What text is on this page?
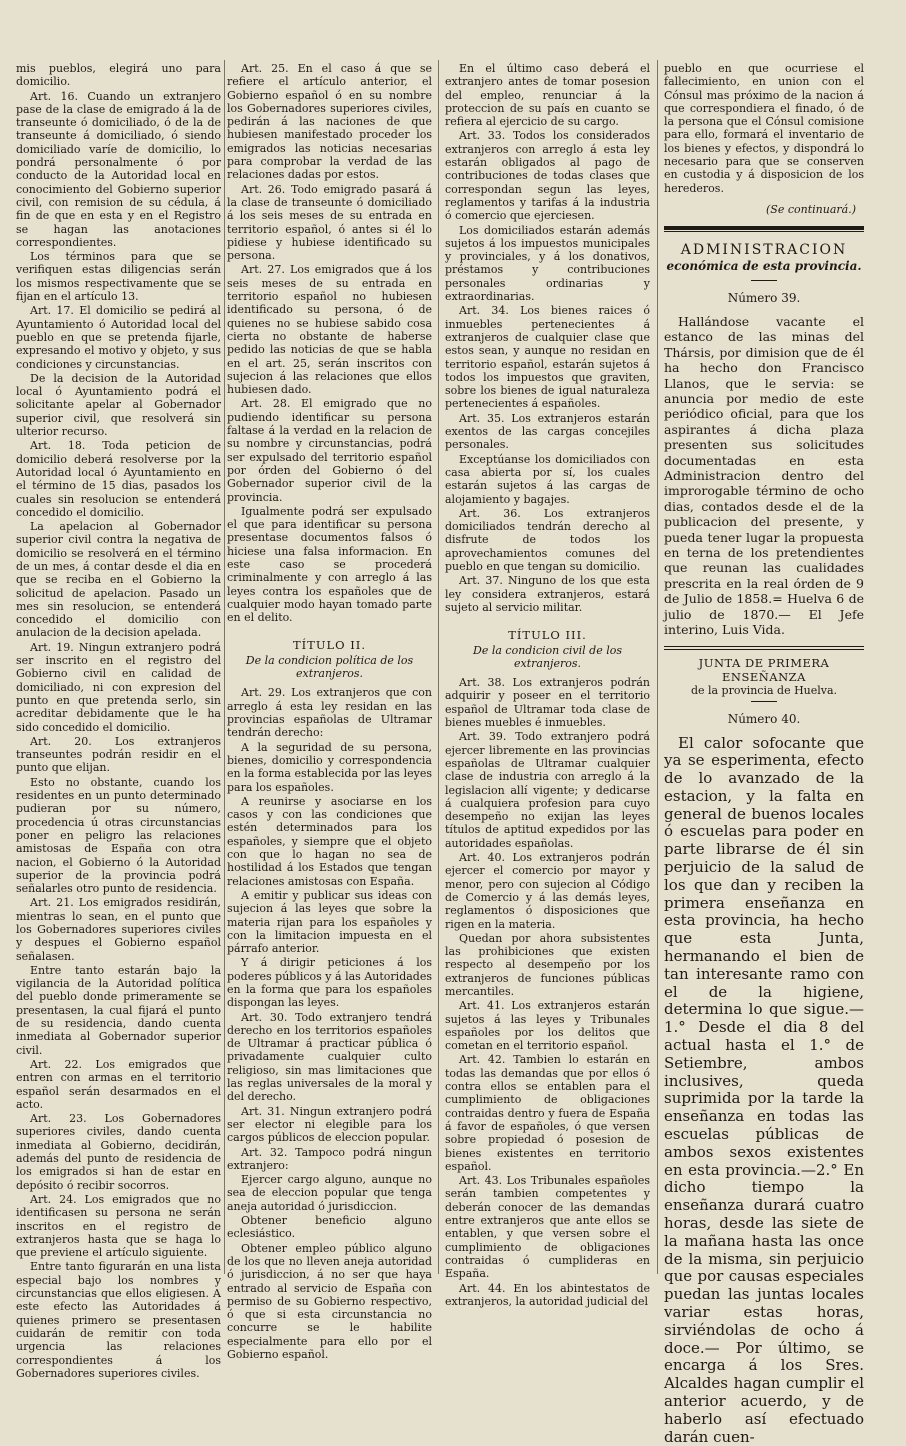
mis pueblos, elegirá uno para domicilio.

Art. 16. Cuando un extranjero pase de la clase de emigrado á la de transeunte ó domiciliado, ó de la de transeunte á domiciliado, ó siendo domiciliado varíe de domicilio, lo pondrá personalmente ó por conducto de la Autoridad local en conocimiento del Gobierno superior civil, con remision de su cédula, á fin de que en esta y en el Registro se hagan las anotaciones correspondientes.

Los términos para que se verifiquen estas diligencias serán los mismos respectivamente que se fijan en el artículo 13.

Art. 17. El domicilio se pedirá al Ayuntamiento ó Autoridad local del pueblo en que se pretenda fijarle, expresando el motivo y objeto, y sus condiciones y circunstancias.

De la decision de la Autoridad local ó Ayuntamiento podrá el solicitante apelar al Gobernador superior civil, que resolverá sin ulterior recurso.

Art. 18. Toda peticion de domicilio deberá resolverse por la Autoridad local ó Ayuntamiento en el término de 15 dias, pasados los cuales sin resolucion se entenderá concedido el domicilio.

La apelacion al Gobernador superior civil contra la negativa de domicilio se resolverá en el término de un mes, á contar desde el dia en que se reciba en el Gobierno la solicitud de apelacion. Pasado un mes sin resolucion, se entenderá concedido el domicilio con anulacion de la decision apelada.

Art. 19. Ningun extranjero podrá ser inscrito en el registro del Gobierno civil en calidad de domiciliado, ni con expresion del punto en que pretenda serlo, sin acreditar debidamente que le ha sido concedido el domicilio.

Art. 20. Los extranjeros transeuntes podrán residir en el punto que elijan.

Esto no obstante, cuando los residentes en un punto determinado pudieran por su número, procedencia ú otras circunstancias poner en peligro las relaciones amistosas de España con otra nacion, el Gobierno ó la Autoridad superior de la provincia podrá señalarles otro punto de residencia.

Art. 21. Los emigrados residirán, mientras lo sean, en el punto que los Gobernadores superiores civiles y despues el Gobierno español señalasen.

Entre tanto estarán bajo la vigilancia de la Autoridad política del pueblo donde primeramente se presentasen, la cual fijará el punto de su residencia, dando cuenta inmediata al Gobernador superior civil.

Art. 22. Los emigrados que entren con armas en el territorio español serán desarmados en el acto.

Art. 23. Los Gobernadores superiores civiles, dando cuenta inmediata al Gobierno, decidirán, además del punto de residencia de los emigrados si han de estar en depósito ó recibir socorros.

Art. 24. Los emigrados que no identificasen su persona ne serán inscritos en el registro de extranjeros hasta que se haga lo que previene el artículo siguiente.

Entre tanto figurarán en una lista especial bajo los nombres y circunstancias que ellos eligiesen. A este efecto las Autoridades á quienes primero se presentasen cuidarán de remitir con toda urgencia las relaciones correspondientes á los Gobernadores superiores civiles.

Art. 25. En el caso á que se refiere el artículo anterior, el Gobierno español ó en su nombre los Gobernadores superiores civiles, pedirán á las naciones de que hubiesen manifestado proceder los emigrados las noticias necesarias para comprobar la verdad de las relaciones dadas por estos.

Art. 26. Todo emigrado pasará á la clase de transeunte ó domiciliado á los seis meses de su entrada en territorio español, ó antes si él lo pidiese y hubiese identificado su persona.

Art. 27. Los emigrados que á los seis meses de su entrada en territorio español no hubiesen identificado su persona, ó de quienes no se hubiese sabido cosa cierta no obstante de haberse pedido las noticias de que se habla en el art. 25, serán inscritos con sujecion á las relaciones que ellos hubiesen dado.

Art. 28. El emigrado que no pudiendo identificar su persona faltase á la verdad en la relacion de su nombre y circunstancias, podrá ser expulsado del territorio español por órden del Gobierno ó del Gobernador superior civil de la provincia.

Igualmente podrá ser expulsado el que para identificar su persona presentase documentos falsos ó hiciese una falsa informacion. En este caso se procederá criminalmente y con arreglo á las leyes contra los españoles que de cualquier modo hayan tomado parte en el delito.

TÍTULO II.
De la condicion política de los extranjeros.

Art. 29. Los extranjeros que con arreglo á esta ley residan en las provincias españolas de Ultramar tendrán derecho:

A la seguridad de su persona, bienes, domicilio y correspondencia en la forma establecida por las leyes para los españoles.

A reunirse y asociarse en los casos y con las condiciones que estén determinados para los españoles, y siempre que el objeto con que lo hagan no sea de hostilidad á los Estados que tengan relaciones amistosas con España.

A emitir y publicar sus ideas con sujecion á las leyes que sobre la materia rijan para los españoles y con la limitacion impuesta en el párrafo anterior.

Y á dirigir peticiones á los poderes públicos y á las Autoridades en la forma que para los españoles dispongan las leyes.

Art. 30. Todo extranjero tendrá derecho en los territorios españoles de Ultramar á practicar pública ó privadamente cualquier culto religioso, sin mas limitaciones que las reglas universales de la moral y del derecho.

Art. 31. Ningun extranjero podrá ser elector ni elegible para los cargos públicos de eleccion popular.

Art. 32. Tampoco podrá ningun extranjero:

Ejercer cargo alguno, aunque no sea de eleccion popular que tenga aneja autoridad ó jurisdiccion.

Obtener beneficio alguno eclesiástico.

Obtener empleo público alguno de los que no lleven aneja autoridad ó jurisdiccion, á no ser que haya entrado al servicio de España con permiso de su Gobierno respectivo, ó que si esta circunstancia no concurre se le habilite especialmente para ello por el Gobierno español.

En el último caso deberá el extranjero antes de tomar posesion del empleo, renunciar á la proteccion de su país en cuanto se refiera al ejercicio de su cargo.

Art. 33. Todos los considerados extranjeros con arreglo á esta ley estarán obligados al pago de contribuciones de todas clases que correspondan segun las leyes, reglamentos y tarifas á la industria ó comercio que ejerciesen.

Los domiciliados estarán además sujetos á los impuestos municipales y provinciales, y á los donativos, préstamos y contribuciones personales ordinarias y extraordinarias.

Art. 34. Los bienes raices ó inmuebles pertenecientes á extranjeros de cualquier clase que estos sean, y aunque no residan en territorio español, estarán sujetos á todos los impuestos que graviten, sobre los bienes de igual naturaleza pertenecientes á españoles.

Art. 35. Los extranjeros estarán exentos de las cargas concejiles personales.

Exceptúanse los domiciliados con casa abierta por sí, los cuales estarán sujetos á las cargas de alojamiento y bagajes.

Art. 36. Los extranjeros domiciliados tendrán derecho al disfrute de todos los aprovechamientos comunes del pueblo en que tengan su domicilio.

Art. 37. Ninguno de los que esta ley considera extranjeros, estará sujeto al servicio militar.

TÍTULO III.
De la condicion civil de los extranjeros.

Art. 38. Los extranjeros podrán adquirir y poseer en el territorio español de Ultramar toda clase de bienes muebles é inmuebles.

Art. 39. Todo extranjero podrá ejercer libremente en las provincias españolas de Ultramar cualquier clase de industria con arreglo á la legislacion allí vigente; y dedicarse á cualquiera profesion para cuyo desempeño no exijan las leyes títulos de aptitud expedidos por las autoridades españolas.

Art. 40. Los extranjeros podrán ejercer el comercio por mayor y menor, pero con sujecion al Código de Comercio y á las demás leyes, reglamentos ó disposiciones que rigen en la materia.

Quedan por ahora subsistentes las prohibiciones que existen respecto al desempeño por los extranjeros de funciones públicas mercantiles.

Art. 41. Los extranjeros estarán sujetos á las leyes y Tribunales españoles por los delitos que cometan en el territorio español.

Art. 42. Tambien lo estarán en todas las demandas que por ellos ó contra ellos se entablen para el cumplimiento de obligaciones contraidas dentro y fuera de España á favor de españoles, ó que versen sobre propiedad ó posesion de bienes existentes en territorio español.

Art. 43. Los Tribunales españoles serán tambien competentes y deberán conocer de las demandas entre extranjeros que ante ellos se entablen, y que versen sobre el cumplimiento de obligaciones contraidas ó cumplideras en España.

Art. 44. En los abintestatos de extranjeros, la autoridad judicial del

pueblo en que ocurriese el fallecimiento, en union con el Cónsul mas próximo de la nacion á que correspondiera el finado, ó de la persona que el Cónsul comisione para ello, formará el inventario de los bienes y efectos, y dispondrá lo necesario para que se conserven en custodia y á disposicion de los herederos.

(Se continuará.)
ADMINISTRACION
económica de esta provincia.
Número 39.

Hallándose vacante el estanco de las minas del Thársis, por dimision que de él ha hecho don Francisco Llanos, que le servia: se anuncia por medio de este periódico oficial, para que los aspirantes á dicha plaza presenten sus solicitudes documentadas en esta Administracion dentro del improrogable término de ocho dias, contados desde el de la publicacion del presente, y pueda tener lugar la propuesta en terna de los pretendientes que reunan las cualidades prescrita en la real órden de 9 de Julio de 1858.= Huelva 6 de julio de 1870.— El Jefe interino, Luis Vida.

JUNTA DE PRIMERA ENSEÑANZA
de la provincia de Huelva.
Número 40.

El calor sofocante que ya se esperimenta, efecto de lo avanzado de la estacion, y la falta en general de buenos locales ó escuelas para poder en parte librarse de él sin perjuicio de la salud de los que dan y reciben la primera enseñanza en esta provincia, ha hecho que esta Junta, hermanando el bien de tan interesante ramo con el de la higiene, determina lo que sigue.—1.° Desde el dia 8 del actual hasta el 1.° de Setiembre, ambos inclusives, queda suprimida por la tarde la enseñanza en todas las escuelas públicas de ambos sexos existentes en esta provincia.—2.° En dicho tiempo la enseñanza durará cuatro horas, desde las siete de la mañana hasta las once de la misma, sin perjuicio que por causas especiales puedan las juntas locales variar estas horas, sirviéndolas de ocho á doce.— Por último, se encarga á los Sres. Alcaldes hagan cumplir el anterior acuerdo, y de haberlo así efectuado darán cuen-
